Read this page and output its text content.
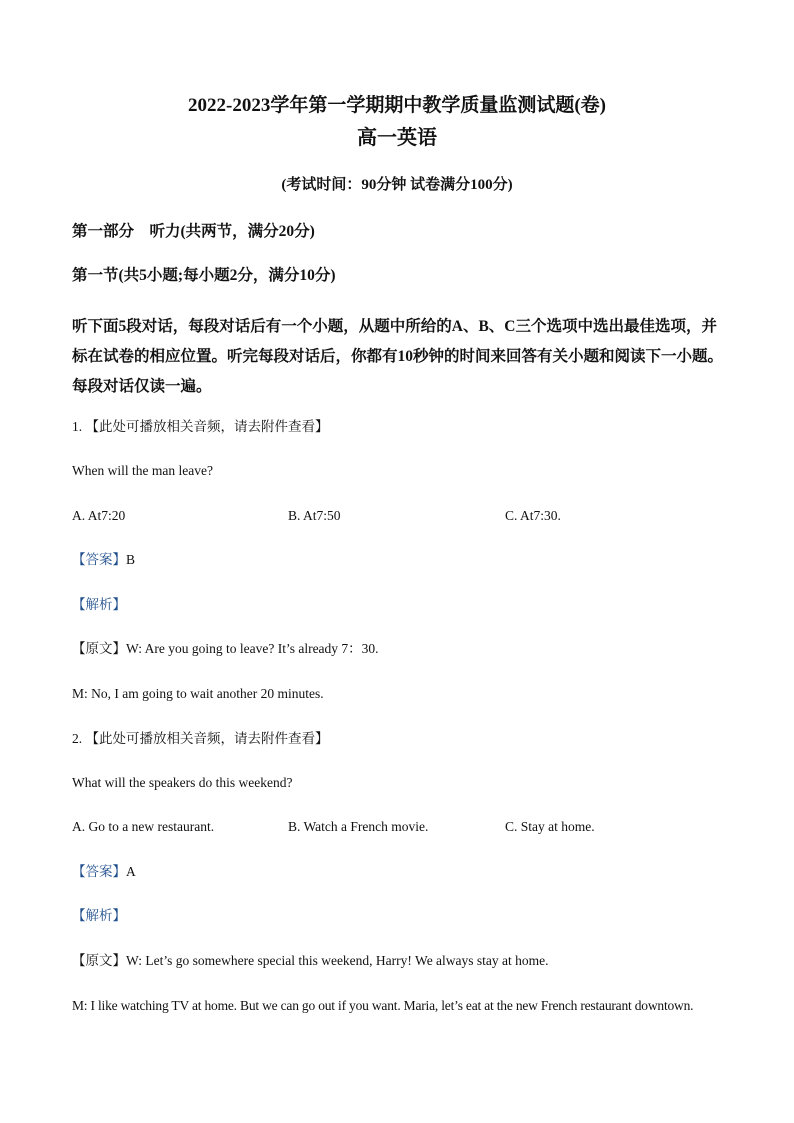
2022-2023学年第一学期期中教学质量监测试题(卷)
高一英语
(考试时间：90分钟 试卷满分100分)
第一部分　听力(共两节，满分20分)
第一节(共5小题;每小题2分，满分10分)
听下面5段对话，每段对话后有一个小题，从题中所给的A、B、C三个选项中选出最佳选项，并标在试卷的相应位置。听完每段对话后，你都有10秒钟的时间来回答有关小题和阅读下一小题。每段对话仅读一遍。
1. 【此处可播放相关音频，请去附件查看】
When will the man leave?
A. At7:20	B. At7:50	C. At7:30.
【答案】B
【解析】
【原文】W: Are you going to leave? It’s already 7：30.
M: No, I am going to wait another 20 minutes.
2. 【此处可播放相关音频，请去附件查看】
What will the speakers do this weekend?
A. Go to a new restaurant.	B. Watch a French movie.	C. Stay at home.
【答案】A
【解析】
【原文】W: Let’s go somewhere special this weekend, Harry! We always stay at home.
M: I like watching TV at home. But we can go out if you want. Maria, let’s eat at the new French restaurant downtown.
